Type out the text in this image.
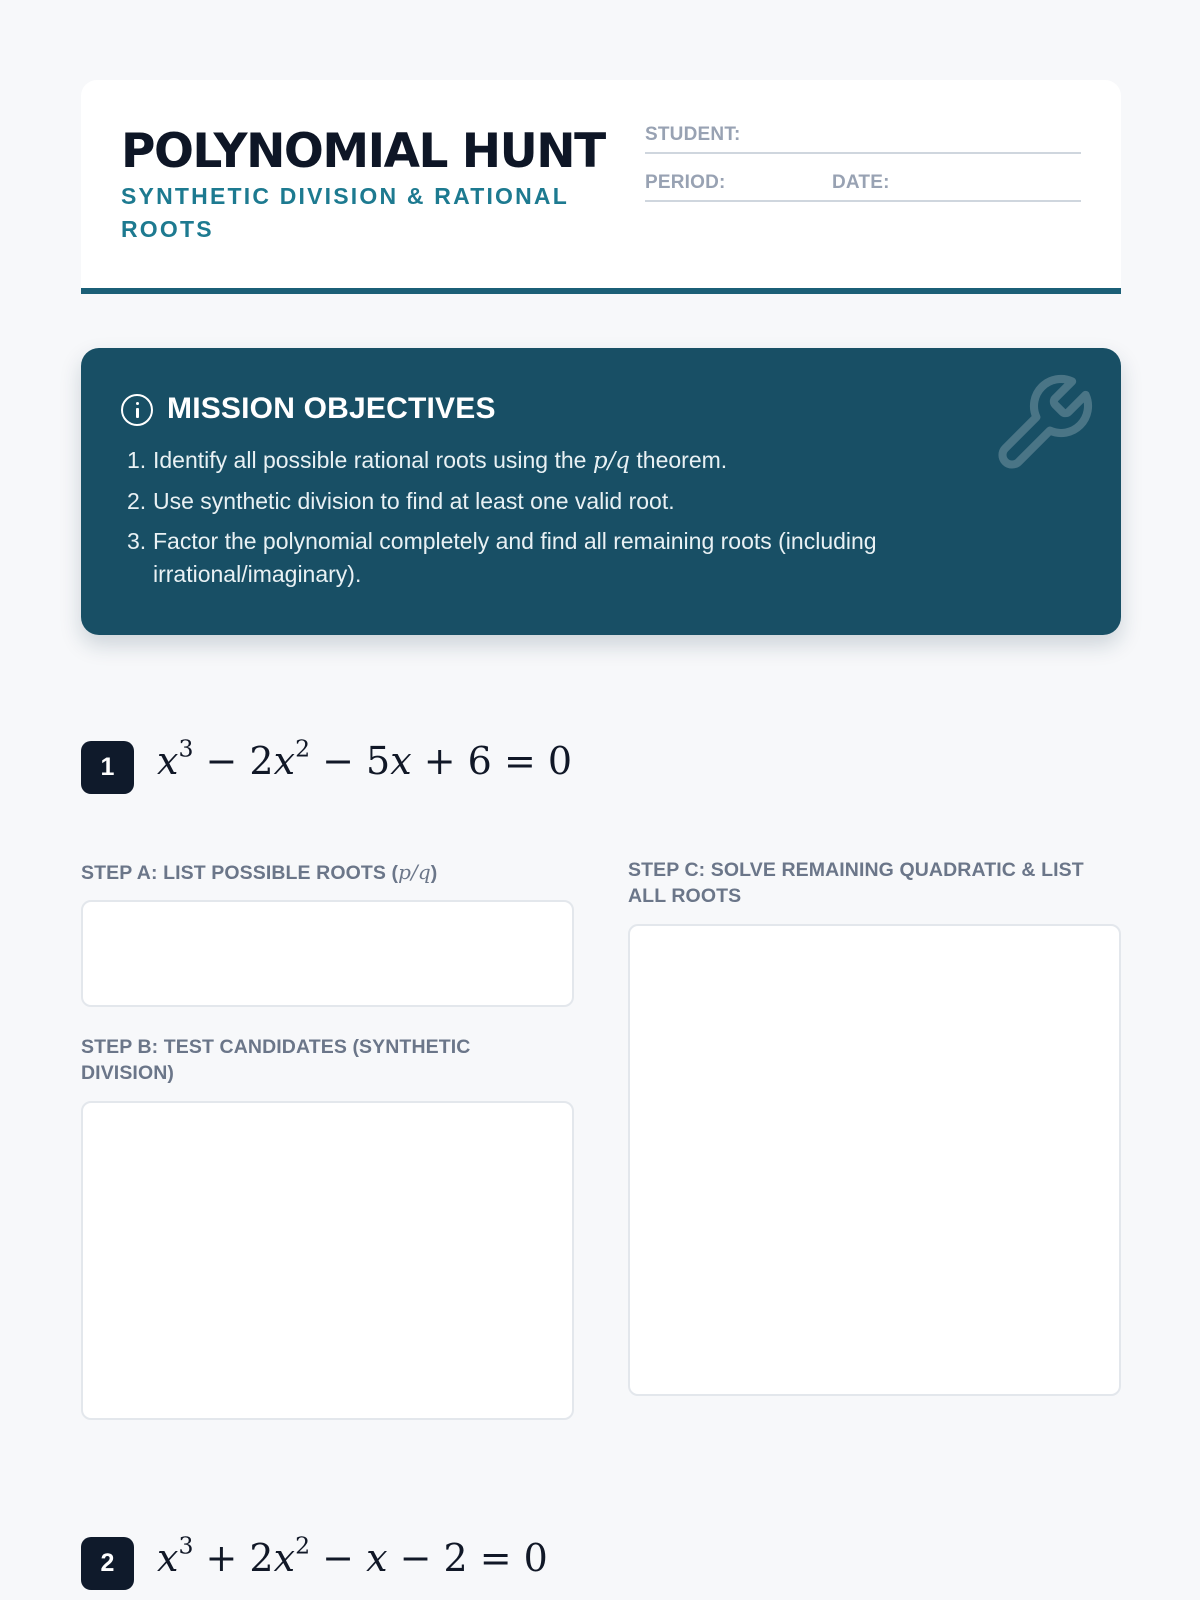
POLYNOMIAL HUNT
SYNTHETIC DIVISION & RATIONAL ROOTS
STUDENT:
PERIOD:	DATE:
MISSION OBJECTIVES
1. Identify all possible rational roots using the p/q theorem.
2. Use synthetic division to find at least one valid root.
3. Factor the polynomial completely and find all remaining roots (including irrational/imaginary).
1	$x^3 - 2x^2 - 5x + 6 = 0$
STEP A: LIST POSSIBLE ROOTS (p/q)
STEP B: TEST CANDIDATES (SYNTHETIC DIVISION)
STEP C: SOLVE REMAINING QUADRATIC & LIST ALL ROOTS
2	$x^3 + 2x^2 - x - 2 = 0$
